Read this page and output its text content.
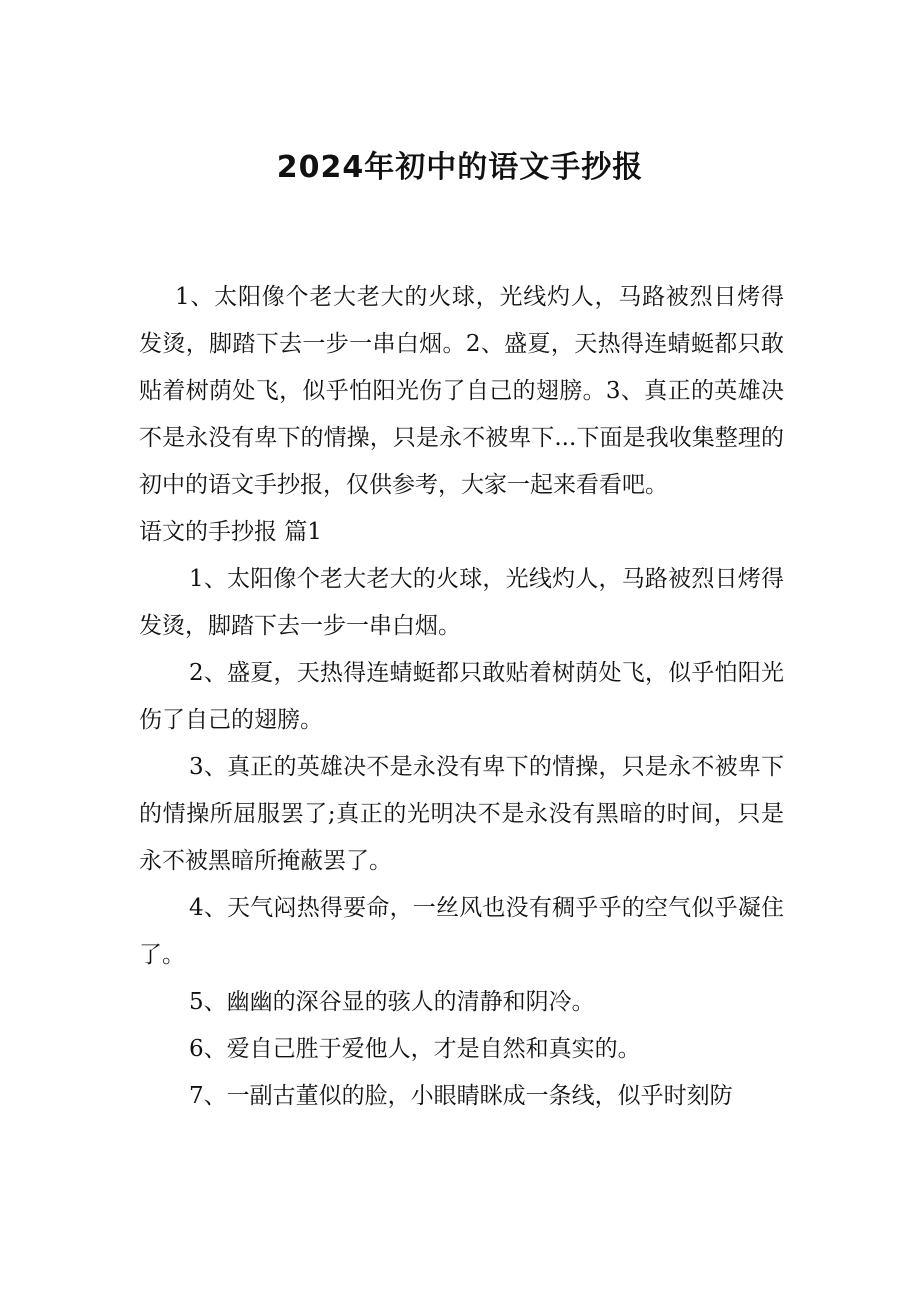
2024年初中的语文手抄报

1、太阳像个老大老大的火球，光线灼人，马路被烈日烤得发烫，脚踏下去一步一串白烟。2、盛夏，天热得连蜻蜓都只敢贴着树荫处飞，似乎怕阳光伤了自己的翅膀。3、真正的英雄决不是永没有卑下的情操，只是永不被卑下...下面是我收集整理的初中的语文手抄报，仅供参考，大家一起来看看吧。

语文的手抄报 篇1

1、太阳像个老大老大的火球，光线灼人，马路被烈日烤得发烫，脚踏下去一步一串白烟。

2、盛夏，天热得连蜻蜓都只敢贴着树荫处飞，似乎怕阳光伤了自己的翅膀。

3、真正的英雄决不是永没有卑下的情操，只是永不被卑下的情操所屈服罢了;真正的光明决不是永没有黑暗的时间，只是永不被黑暗所掩蔽罢了。

4、天气闷热得要命，一丝风也没有稠乎乎的空气似乎凝住了。

5、幽幽的深谷显的骇人的清静和阴冷。

6、爱自己胜于爱他人，才是自然和真实的。

7、一副古董似的脸，小眼睛眯成一条线，似乎时刻防
